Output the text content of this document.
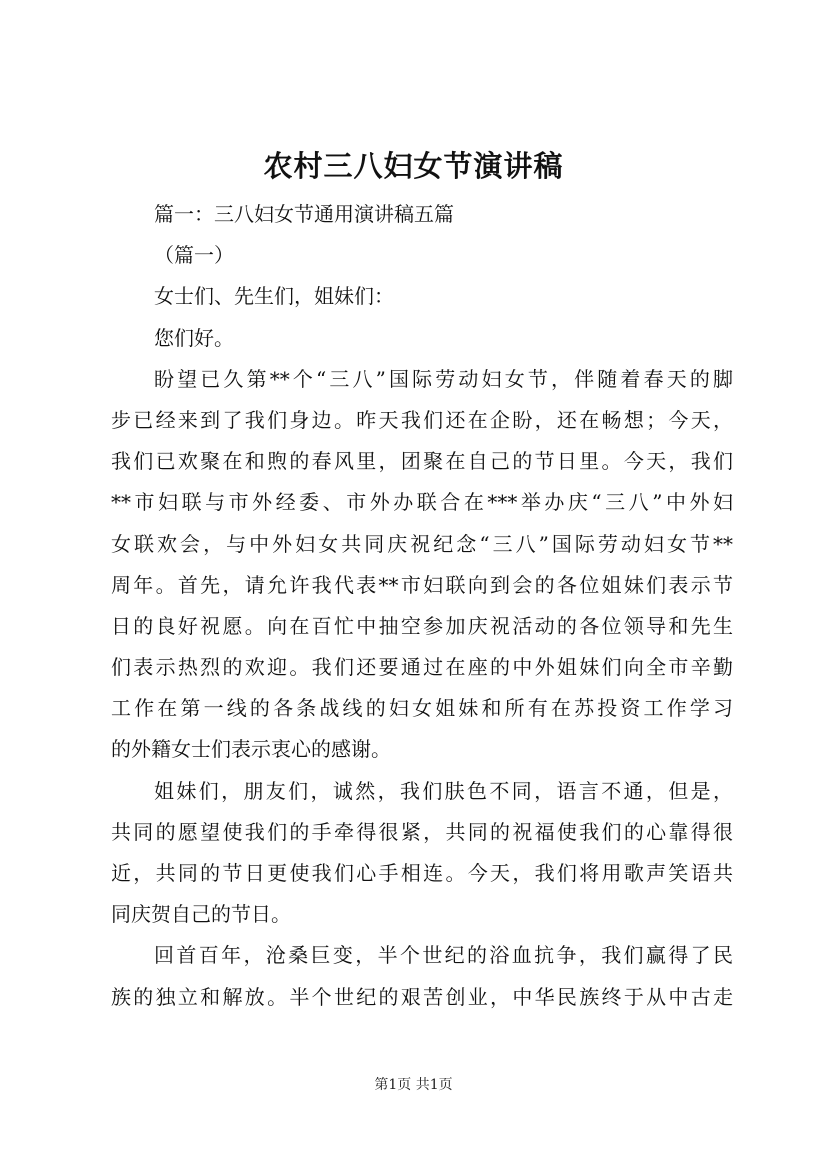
农村三八妇女节演讲稿
篇一：三八妇女节通用演讲稿五篇
（篇一）
女士们、先生们，姐妹们：
您们好。
盼望已久第**个“三八”国际劳动妇女节，伴随着春天的脚
步已经来到了我们身边。昨天我们还在企盼，还在畅想；今天，
我们已欢聚在和煦的春风里，团聚在自己的节日里。今天，我们
**市妇联与市外经委、市外办联合在***举办庆“三八”中外妇
女联欢会，与中外妇女共同庆祝纪念“三八”国际劳动妇女节**
周年。首先，请允许我代表**市妇联向到会的各位姐妹们表示节
日的良好祝愿。向在百忙中抽空参加庆祝活动的各位领导和先生
们表示热烈的欢迎。我们还要通过在座的中外姐妹们向全市辛勤
工作在第一线的各条战线的妇女姐妹和所有在苏投资工作学习
的外籍女士们表示衷心的感谢。
姐妹们，朋友们，诚然，我们肤色不同，语言不通，但是，
共同的愿望使我们的手牵得很紧，共同的祝福使我们的心靠得很
近，共同的节日更使我们心手相连。今天，我们将用歌声笑语共
同庆贺自己的节日。
回首百年，沧桑巨变，半个世纪的浴血抗争，我们赢得了民
族的独立和解放。半个世纪的艰苦创业，中华民族终于从中古走
第1页 共1页
